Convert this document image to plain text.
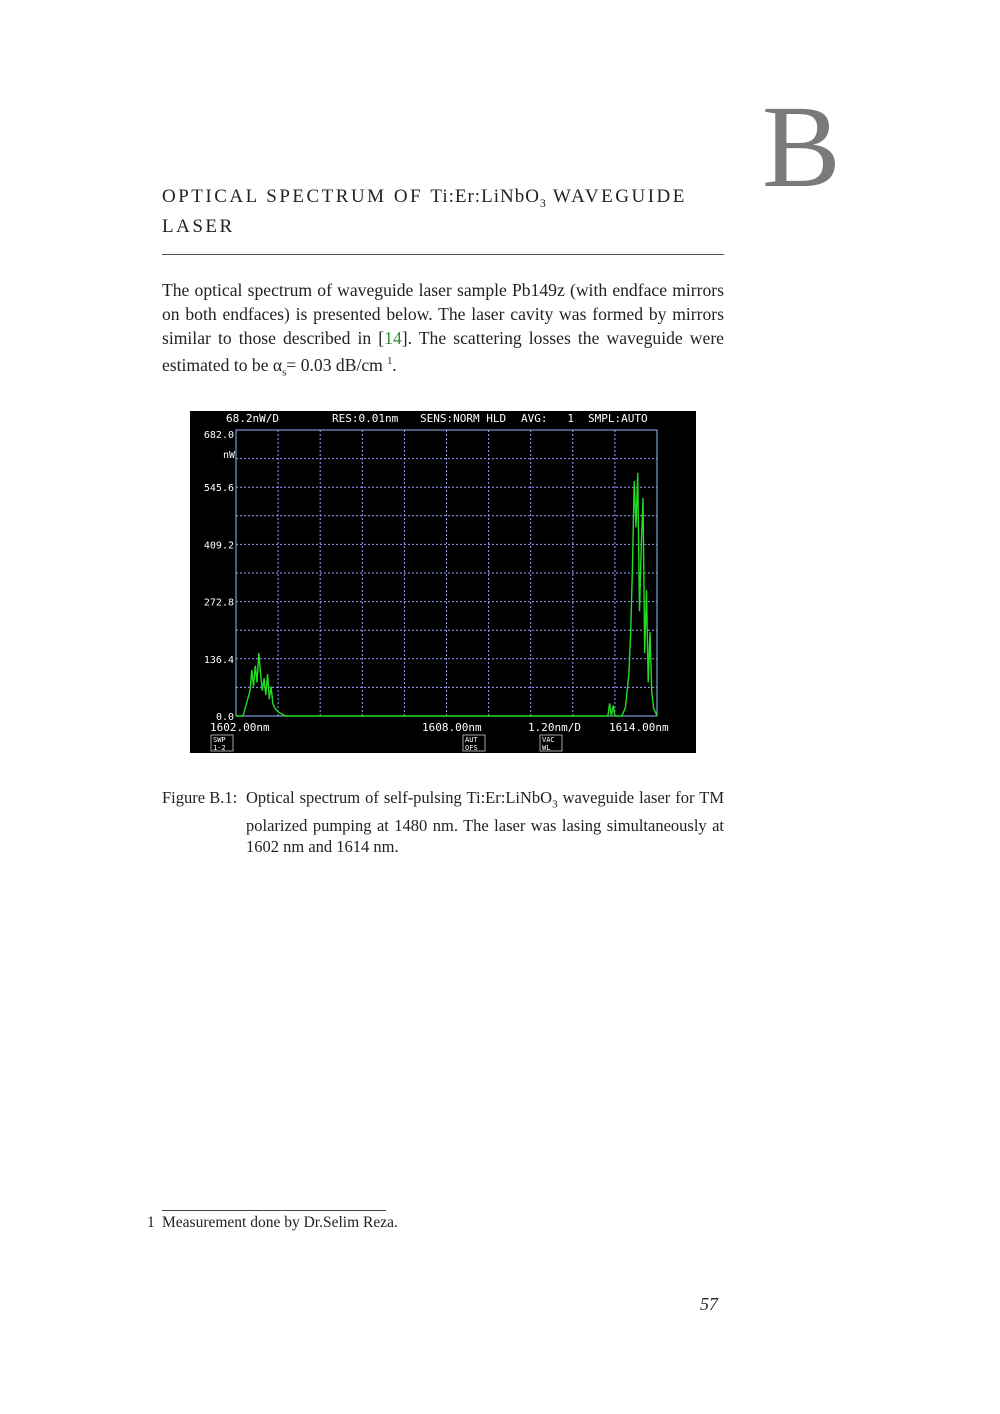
B
OPTICAL SPECTRUM OF Ti:Er:LiNbO$_3$ WAVEGUIDE LASER
The optical spectrum of waveguide laser sample Pb149z (with endface mirrors on both endfaces) is presented below. The laser cavity was formed by mirrors similar to those described in [14]. The scattering losses the waveguide were estimated to be $\alpha_s= 0.03$ dB/cm $^1$.
682.0
545.6
409.2
272.8
136.4
0.0
68.2nW/D	RES:0.01nm SENS:NORM HLD AVG:   1 SMPL:AUTO
nW
1602.00nm	1608.00nm	1.20nm/D	1614.00nm
SWP
1-2
AUT
OFS
VAC
WL
Figure B.1: Optical spectrum of self-pulsing Ti:Er:LiNbO$_3$ waveguide laser for TM polarized pumping at 1480 nm. The laser was lasing simultaneously at 1602 nm and 1614 nm.
1 Measurement done by Dr.Selim Reza.
57
